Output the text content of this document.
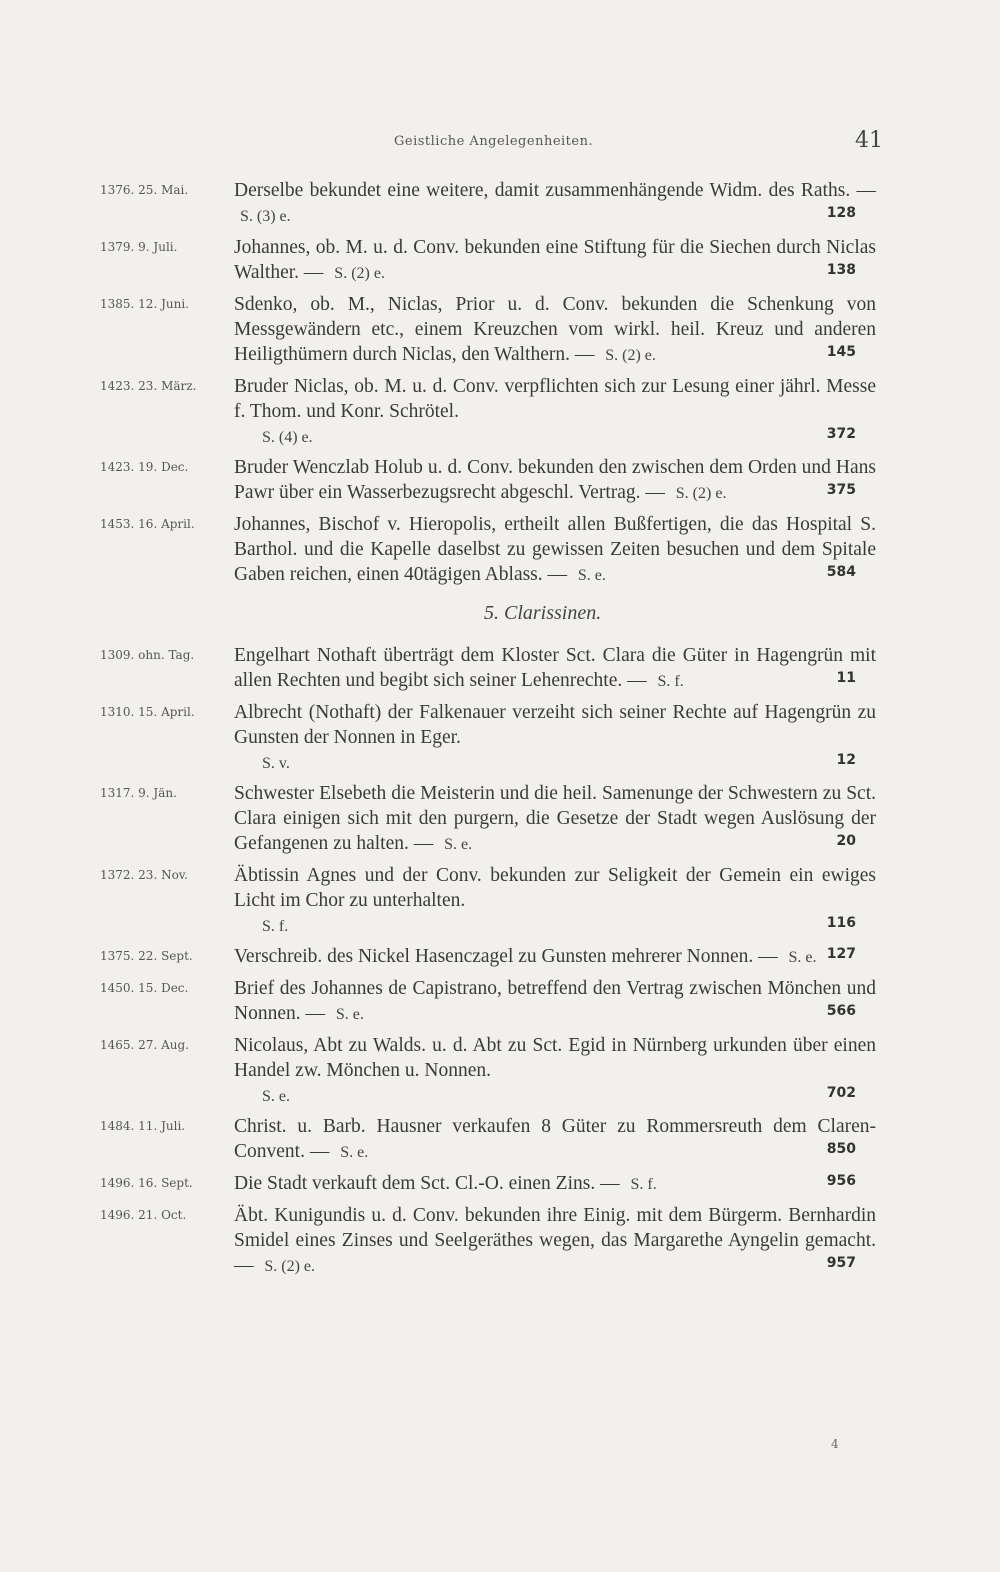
Geistliche Angelegenheiten.	41
1376. 25. Mai. Derselbe bekundet eine weitere, damit zusammenhängende Widm. des Raths. — S. (3) e.	128
1379. 9. Juli.	Johannes, ob. M. u. d. Conv. bekunden eine Stiftung für die Siechen durch Niclas Walther. — S. (2) e.	138
1385. 12. Juni. Sdenko, ob. M., Niclas, Prior u. d. Conv. bekunden die Schenkung von Messgewändern etc., einem Kreuzchen vom wirkl. heil. Kreuz und anderen Heiligthümern durch Niclas, den Walthern. — S. (2) e.	145
1423. 23. März. Bruder Niclas, ob. M. u. d. Conv. verpflichten sich zur Lesung einer jährl. Messe f. Thom. und Konr. Schrötel.
S. (4) e.	372
1423. 19. Dec. Bruder Wenczlab Holub u. d. Conv. bekunden den zwischen dem Orden und Hans Pawr über ein Wasserbezugsrecht abgeschl. Vertrag. — S. (2) e.	375
1453. 16. April. Johannes, Bischof v. Hieropolis, ertheilt allen Bußfertigen, die das Hospital S. Barthol. und die Kapelle daselbst zu gewissen Zeiten besuchen und dem Spitale Gaben reichen, einen 40tägigen Ablass. — S. e.	584
5. Clarissinen.
1309. ohn. Tag. Engelhart Nothaft überträgt dem Kloster Sct. Clara die Güter in Hagengrün mit allen Rechten und begibt sich seiner Lehenrechte. — S. f.	11
1310. 15. April. Albrecht (Nothaft) der Falkenauer verzeiht sich seiner Rechte auf Hagengrün zu Gunsten der Nonnen in Eger.
S. v.	12
1317. 9. Jän.	Schwester Elsebeth die Meisterin und die heil. Samenunge der Schwestern zu Sct. Clara einigen sich mit den purgern, die Gesetze der Stadt wegen Auslösung der Gefangenen zu halten. — S. e.	20
1372. 23. Nov. Äbtissin Agnes und der Conv. bekunden zur Seligkeit der Gemein ein ewiges Licht im Chor zu unterhalten.
S. f.	116
1375. 22. Sept. Verschreib. des Nickel Hasenczagel zu Gunsten mehrerer Nonnen. — S. e. 127
1450. 15. Dec. Brief des Johannes de Capistrano, betreffend den Vertrag zwischen Mönchen und Nonnen. — S. e.	566
1465. 27. Aug. Nicolaus, Abt zu Walds. u. d. Abt zu Sct. Egid in Nürnberg urkunden über einen Handel zw. Mönchen u. Nonnen.
S. e.	702
1484. 11. Juli.	Christ. u. Barb. Hausner verkaufen 8 Güter zu Rommersreuth dem Claren-Convent. — S. e.	850
1496. 16. Sept. Die Stadt verkauft dem Sct. Cl.-O. einen Zins. — S. f.	956
1496. 21. Oct. Äbt. Kunigundis u. d. Conv. bekunden ihre Einig. mit dem Bürgerm. Bernhardin Smidel eines Zinses und Seelgeräthes wegen, das Margarethe Ayngelin gemacht. — S. (2) e.	957
4
